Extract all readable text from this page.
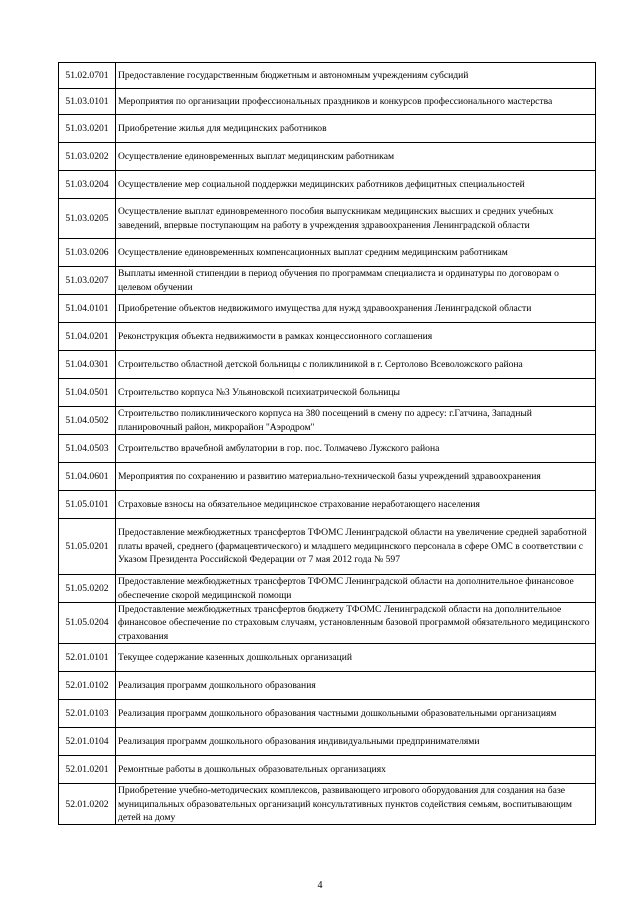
51.02.0701	Предоставление государственным бюджетным и автономным учреждениям субсидий
51.03.0101	Мероприятия по организации профессиональных праздников и конкурсов профессионального мастерства
51.03.0201	Приобретение жилья для медицинских работников
51.03.0202	Осуществление единовременных выплат медицинским работникам
51.03.0204	Осуществление мер социальной поддержки медицинских работников дефицитных специальностей
51.03.0205	Осуществление выплат единовременного пособия выпускникам медицинских высших и средних учебных заведений, впервые поступающим на работу в учреждения здравоохранения Ленинградской области
51.03.0206	Осуществление единовременных компенсационных выплат средним медицинским работникам
51.03.0207	Выплаты именной стипендии в период обучения по программам специалиста и ординатуры по договорам о целевом обучении
51.04.0101	Приобретение объектов недвижимого имущества для нужд здравоохранения Ленинградской области
51.04.0201	Реконструкция объекта недвижимости в рамках концессионного соглашения
51.04.0301	Строительство областной детской больницы с поликлиникой в г. Сертолово Всеволожского района
51.04.0501	Строительство корпуса №3 Ульяновской психиатрической больницы
51.04.0502	Строительство поликлинического корпуса на 380 посещений в смену по адресу: г.Гатчина, Западный планировочный район, микрорайон "Аэродром"
51.04.0503	Строительство врачебной амбулатории в гор. пос. Толмачево Лужского района
51.04.0601	Мероприятия по сохранению и развитию материально-технической базы учреждений здравоохранения
51.05.0101	Страховые взносы на обязательное медицинское страхование неработающего населения
51.05.0201	Предоставление межбюджетных трансфертов ТФОМС Ленинградской области на увеличение средней заработной платы врачей, среднего (фармацевтического) и младшего медицинского персонала в сфере ОМС в соответствии с Указом Президента Российской Федерации от 7 мая 2012 года № 597
51.05.0202	Предоставление межбюджетных трансфертов ТФОМС Ленинградской области на дополнительное финансовое обеспечение скорой медицинской помощи
51.05.0204	Предоставление межбюджетных трансфертов бюджету ТФОМС Ленинградской области на дополнительное финансовое обеспечение по страховым случаям, установленным базовой программой обязательного медицинского страхования
52.01.0101	Текущее содержание казенных дошкольных организаций
52.01.0102	Реализация программ дошкольного образования
52.01.0103	Реализация программ дошкольного образования частными дошкольными образовательными организациям
52.01.0104	Реализация программ дошкольного образования индивидуальными предпринимателями
52.01.0201	Ремонтные работы в дошкольных образовательных организациях
52.01.0202	Приобретение учебно-методических комплексов, развивающего игрового оборудования для создания на базе муниципальных образовательных организаций консультативных пунктов содействия семьям, воспитывающим детей на дому
4
